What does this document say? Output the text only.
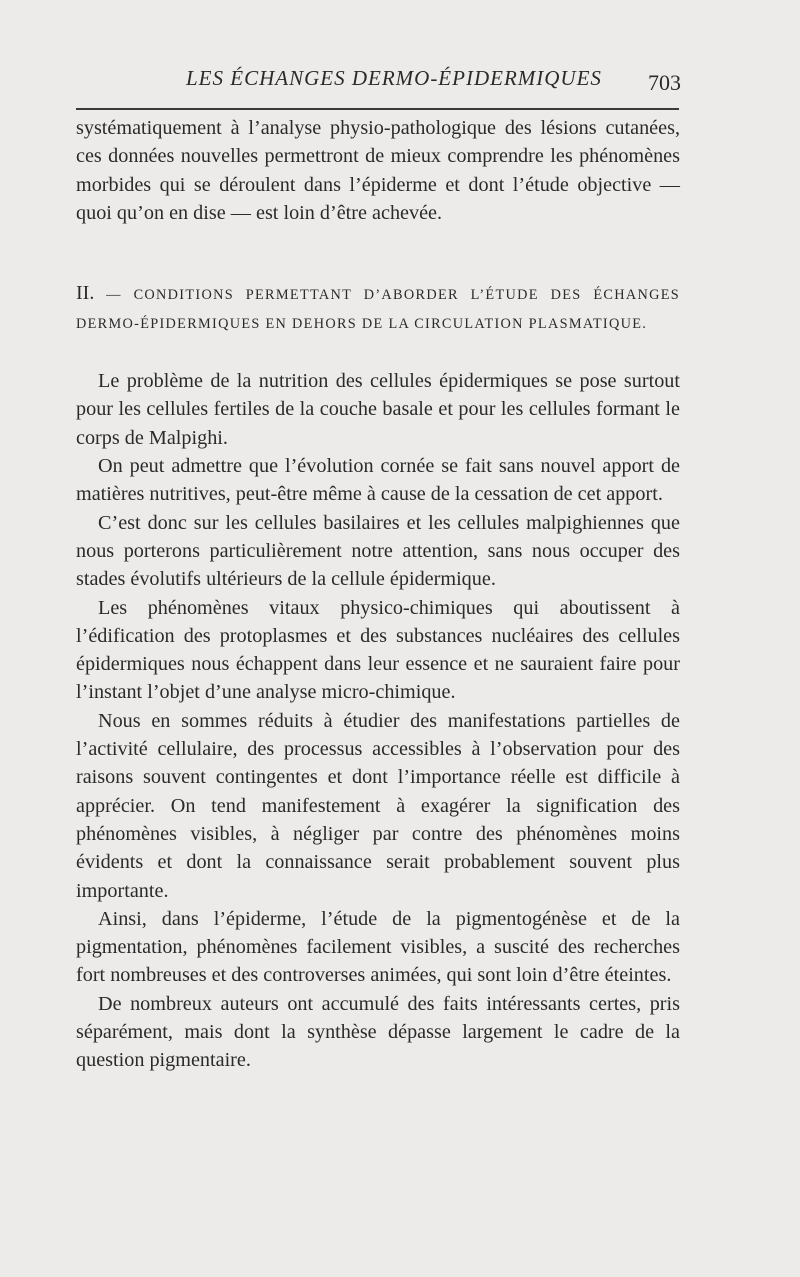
LES ÉCHANGES DERMO-ÉPIDERMIQUES 703

systématiquement à l’analyse physio-pathologique des lésions cutanées, ces données nouvelles permettront de mieux comprendre les phénomènes morbides qui se déroulent dans l’épiderme et dont l’étude objective — quoi qu’on en dise — est loin d’être achevée.

II. — CONDITIONS PERMETTANT D’ABORDER L’ÉTUDE DES ÉCHANGES DERMO-ÉPIDERMIQUES EN DEHORS DE LA CIRCULATION PLASMATIQUE.

Le problème de la nutrition des cellules épidermiques se pose surtout pour les cellules fertiles de la couche basale et pour les cellules formant le corps de Malpighi.

On peut admettre que l’évolution cornée se fait sans nouvel apport de matières nutritives, peut-être même à cause de la cessation de cet apport.

C’est donc sur les cellules basilaires et les cellules malpighiennes que nous porterons particulièrement notre attention, sans nous occuper des stades évolutifs ultérieurs de la cellule épidermique.

Les phénomènes vitaux physico-chimiques qui aboutissent à l’édification des protoplasmes et des substances nucléaires des cellules épidermiques nous échappent dans leur essence et ne sauraient faire pour l’instant l’objet d’une analyse micro-chimique.

Nous en sommes réduits à étudier des manifestations partielles de l’activité cellulaire, des processus accessibles à l’observation pour des raisons souvent contingentes et dont l’importance réelle est difficile à apprécier. On tend manifestement à exagérer la signification des phénomènes visibles, à négliger par contre des phénomènes moins évidents et dont la connaissance serait probablement souvent plus importante.

Ainsi, dans l’épiderme, l’étude de la pigmentogénèse et de la pigmentation, phénomènes facilement visibles, a suscité des recherches fort nombreuses et des controverses animées, qui sont loin d’être éteintes.

De nombreux auteurs ont accumulé des faits intéressants certes, pris séparément, mais dont la synthèse dépasse largement le cadre de la question pigmentaire.
